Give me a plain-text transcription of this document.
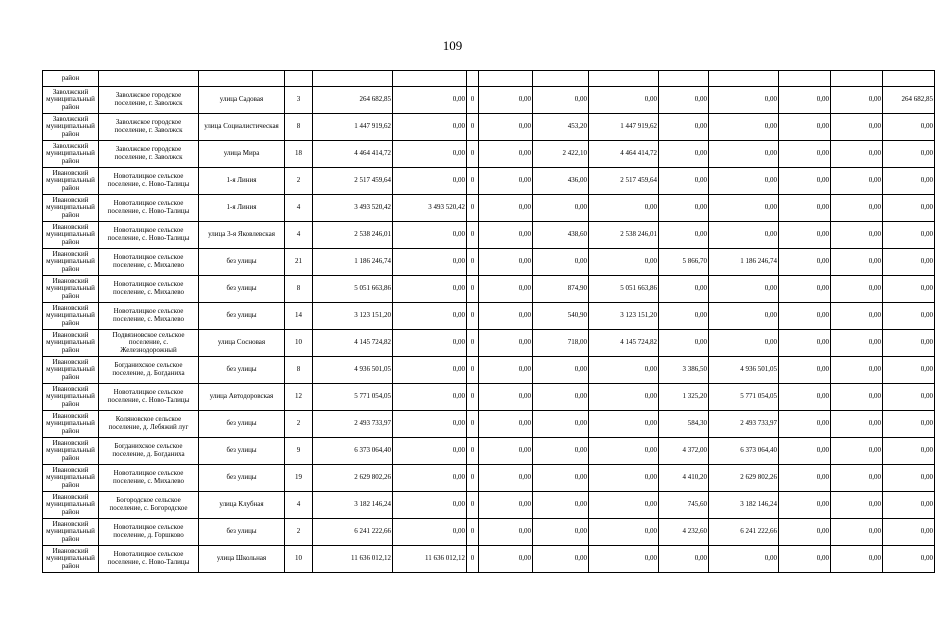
109
район														
Заволжский муниципальный район	Заволжское городское поселение, г. Заволжск	улица Садовая	3	264 682,85	0,00	0	0,00	0,00	0,00	0,00	0,00	0,00	0,00	264 682,85
Заволжский муниципальный район	Заволжское городское поселение, г. Заволжск	улица Социалистическая	8	1 447 919,62	0,00	0	0,00	453,20	1 447 919,62	0,00	0,00	0,00	0,00	0,00
Заволжский муниципальный район	Заволжское городское поселение, г. Заволжск	улица Мира	18	4 464 414,72	0,00	0	0,00	2 422,10	4 464 414,72	0,00	0,00	0,00	0,00	0,00
Ивановский муниципальный район	Новоталицкое сельское поселение, с. Ново-Талицы	1-я Линия	2	2 517 459,64	0,00	0	0,00	436,00	2 517 459,64	0,00	0,00	0,00	0,00	0,00
Ивановский муниципальный район	Новоталицкое сельское поселение, с. Ново-Талицы	1-я Линия	4	3 493 520,42	3 493 520,42	0	0,00	0,00	0,00	0,00	0,00	0,00	0,00	0,00
Ивановский муниципальный район	Новоталицкое сельское поселение, с. Ново-Талицы	улица 3-я Яковлевская	4	2 538 246,01	0,00	0	0,00	438,60	2 538 246,01	0,00	0,00	0,00	0,00	0,00
Ивановский муниципальный район	Новоталицкое сельское поселение, с. Михалево	без улицы	21	1 186 246,74	0,00	0	0,00	0,00	0,00	5 866,70	1 186 246,74	0,00	0,00	0,00
Ивановский муниципальный район	Новоталицкое сельское поселение, с. Михалево	без улицы	8	5 051 663,86	0,00	0	0,00	874,90	5 051 663,86	0,00	0,00	0,00	0,00	0,00
Ивановский муниципальный район	Новоталицкое сельское поселение, с. Михалево	без улицы	14	3 123 151,20	0,00	0	0,00	540,90	3 123 151,20	0,00	0,00	0,00	0,00	0,00
Ивановский муниципальный район	Подвязновское сельское поселение, с. Железнодорожный	улица Сосновая	10	4 145 724,82	0,00	0	0,00	718,00	4 145 724,82	0,00	0,00	0,00	0,00	0,00
Ивановский муниципальный район	Богданихское сельское поселение, д. Богданиха	без улицы	8	4 936 501,05	0,00	0	0,00	0,00	0,00	3 386,50	4 936 501,05	0,00	0,00	0,00
Ивановский муниципальный район	Новоталицкое сельское поселение, с. Ново-Талицы	улица Автодоровская	12	5 771 054,05	0,00	0	0,00	0,00	0,00	1 325,20	5 771 054,05	0,00	0,00	0,00
Ивановский муниципальный район	Коляновское сельское поселение, д. Лебяжий луг	без улицы	2	2 493 733,97	0,00	0	0,00	0,00	0,00	584,30	2 493 733,97	0,00	0,00	0,00
Ивановский муниципальный район	Богданихское сельское поселение, д. Богданиха	без улицы	9	6 373 064,40	0,00	0	0,00	0,00	0,00	4 372,00	6 373 064,40	0,00	0,00	0,00
Ивановский муниципальный район	Новоталицкое сельское поселение, с. Михалево	без улицы	19	2 629 802,26	0,00	0	0,00	0,00	0,00	4 410,20	2 629 802,26	0,00	0,00	0,00
Ивановский муниципальный район	Богородское сельское поселение, с. Богородское	улица Клубная	4	3 182 146,24	0,00	0	0,00	0,00	0,00	745,60	3 182 146,24	0,00	0,00	0,00
Ивановский муниципальный район	Новоталицкое сельское поселение, д. Горшково	без улицы	2	6 241 222,66	0,00	0	0,00	0,00	0,00	4 232,60	6 241 222,66	0,00	0,00	0,00
Ивановский муниципальный район	Новоталицкое сельское поселение, с. Ново-Талицы	улица Школьная	10	11 636 012,12	11 636 012,12	0	0,00	0,00	0,00	0,00	0,00	0,00	0,00	0,00
